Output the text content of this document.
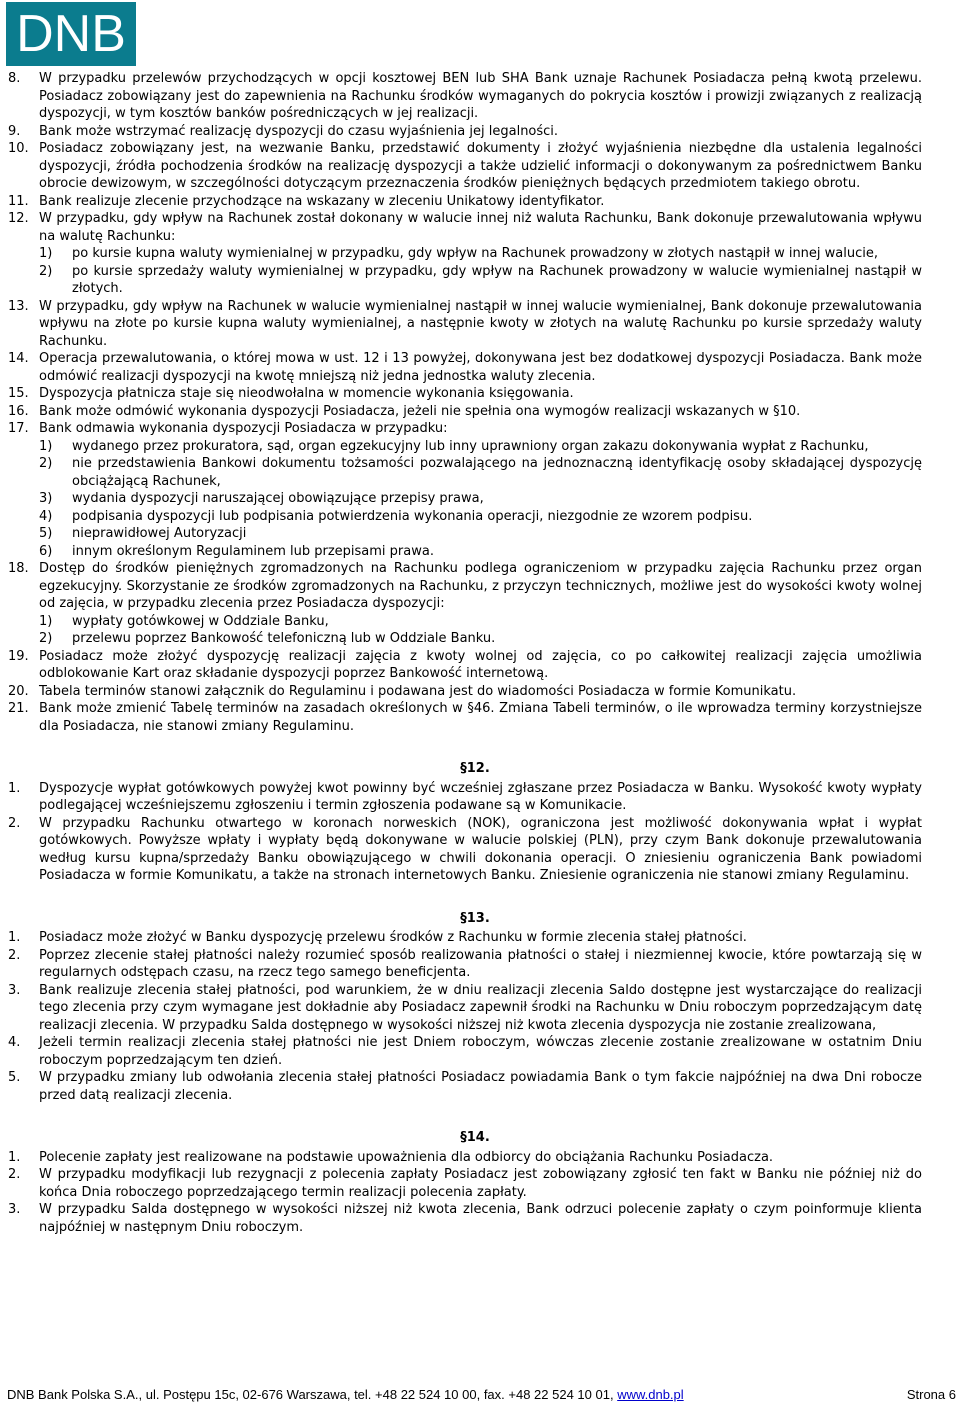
DNB
8. W przypadku przelewów przychodzących w opcji kosztowej BEN lub SHA Bank uznaje Rachunek Posiadacza pełną kwotą przelewu. Posiadacz zobowiązany jest do zapewnienia na Rachunku środków wymaganych do pokrycia kosztów i prowizji związanych z realizacją dyspozycji, w tym kosztów banków pośredniczących w jej realizacji.
9. Bank może wstrzymać realizację dyspozycji do czasu wyjaśnienia jej legalności.
10. Posiadacz zobowiązany jest, na wezwanie Banku, przedstawić dokumenty i złożyć wyjaśnienia niezbędne dla ustalenia legalności dyspozycji, źródła pochodzenia środków na realizację dyspozycji a także udzielić informacji o dokonywanym za pośrednictwem Banku obrocie dewizowym, w szczególności dotyczącym przeznaczenia środków pieniężnych będących przedmiotem takiego obrotu.
11. Bank realizuje zlecenie przychodzące na wskazany w zleceniu Unikatowy identyfikator.
12. W przypadku, gdy wpływ na Rachunek został dokonany w walucie innej niż waluta Rachunku, Bank dokonuje przewalutowania wpływu na walutę Rachunku:
1) po kursie kupna waluty wymienialnej w przypadku, gdy wpływ na Rachunek prowadzony w złotych nastąpił w innej walucie,
2) po kursie sprzedaży waluty wymienialnej w przypadku, gdy wpływ na Rachunek prowadzony w walucie wymienialnej nastąpił w złotych.
13. W przypadku, gdy wpływ na Rachunek w walucie wymienialnej nastąpił w innej walucie wymienialnej, Bank dokonuje przewalutowania wpływu na złote po kursie kupna waluty wymienialnej, a następnie kwoty w złotych na walutę Rachunku po kursie sprzedaży waluty Rachunku.
14. Operacja przewalutowania, o której mowa w ust. 12 i 13 powyżej, dokonywana jest bez dodatkowej dyspozycji Posiadacza. Bank może odmówić realizacji dyspozycji na kwotę mniejszą niż jedna jednostka waluty zlecenia.
15. Dyspozycja płatnicza staje się nieodwołalna w momencie wykonania księgowania.
16. Bank może odmówić wykonania dyspozycji Posiadacza, jeżeli nie spełnia ona wymogów realizacji wskazanych w §10.
17. Bank odmawia wykonania dyspozycji Posiadacza w przypadku:
1) wydanego przez prokuratora, sąd, organ egzekucyjny lub inny uprawniony organ zakazu dokonywania wypłat z Rachunku,
2) nie przedstawienia Bankowi dokumentu tożsamości pozwalającego na jednoznaczną identyfikację osoby składającej dyspozycję obciążającą Rachunek,
3) wydania dyspozycji naruszającej obowiązujące przepisy prawa,
4) podpisania dyspozycji lub podpisania potwierdzenia wykonania operacji, niezgodnie ze wzorem podpisu.
5) nieprawidłowej Autoryzacji
6) innym określonym Regulaminem lub przepisami prawa.
18. Dostęp do środków pieniężnych zgromadzonych na Rachunku podlega ograniczeniom w przypadku zajęcia Rachunku przez organ egzekucyjny. Skorzystanie ze środków zgromadzonych na Rachunku, z przyczyn technicznych, możliwe jest do wysokości kwoty wolnej od zajęcia, w przypadku zlecenia przez Posiadacza dyspozycji:
1) wypłaty gotówkowej w Oddziale Banku,
2) przelewu poprzez Bankowość telefoniczną lub w Oddziale Banku.
19. Posiadacz może złożyć dyspozycję realizacji zajęcia z kwoty wolnej od zajęcia, co po całkowitej realizacji zajęcia umożliwia odblokowanie Kart oraz składanie dyspozycji poprzez Bankowość internetową.
20. Tabela terminów stanowi załącznik do Regulaminu i podawana jest do wiadomości Posiadacza w formie Komunikatu.
21. Bank może zmienić Tabelę terminów na zasadach określonych w §46. Zmiana Tabeli terminów, o ile wprowadza terminy korzystniejsze dla Posiadacza, nie stanowi zmiany Regulaminu.
§12.
1. Dyspozycje wypłat gotówkowych powyżej kwot powinny być wcześniej zgłaszane przez Posiadacza w Banku. Wysokość kwoty wypłaty podlegającej wcześniejszemu zgłoszeniu i termin zgłoszenia podawane są w Komunikacie.
2. W przypadku Rachunku otwartego w koronach norweskich (NOK), ograniczona jest możliwość dokonywania wpłat i wypłat gotówkowych. Powyższe wpłaty i wypłaty będą dokonywane w walucie polskiej (PLN), przy czym Bank dokonuje przewalutowania według kursu kupna/sprzedaży Banku obowiązującego w chwili dokonania operacji. O zniesieniu ograniczenia Bank powiadomi Posiadacza w formie Komunikatu, a także na stronach internetowych Banku. Zniesienie ograniczenia nie stanowi zmiany Regulaminu.
§13.
1. Posiadacz może złożyć w Banku dyspozycję przelewu środków z Rachunku w formie zlecenia stałej płatności.
2. Poprzez zlecenie stałej płatności należy rozumieć sposób realizowania płatności o stałej i niezmiennej kwocie, które powtarzają się w regularnych odstępach czasu, na rzecz tego samego beneficjenta.
3. Bank realizuje zlecenia stałej płatności, pod warunkiem, że w dniu realizacji zlecenia Saldo dostępne jest wystarczające do realizacji tego zlecenia przy czym wymagane jest dokładnie aby Posiadacz zapewnił środki na Rachunku w Dniu roboczym poprzedzającym datę realizacji zlecenia. W przypadku Salda dostępnego w wysokości niższej niż kwota zlecenia dyspozycja nie zostanie zrealizowana,
4. Jeżeli termin realizacji zlecenia stałej płatności nie jest Dniem roboczym, wówczas zlecenie zostanie zrealizowane w ostatnim Dniu roboczym poprzedzającym ten dzień.
5. W przypadku zmiany lub odwołania zlecenia stałej płatności Posiadacz powiadamia Bank o tym fakcie najpóźniej na dwa Dni robocze przed datą realizacji zlecenia.
§14.
1. Polecenie zapłaty jest realizowane na podstawie upoważnienia dla odbiorcy do obciążania Rachunku Posiadacza.
2. W przypadku modyfikacji lub rezygnacji z polecenia zapłaty Posiadacz jest zobowiązany zgłosić ten fakt w Banku nie później niż do końca Dnia roboczego poprzedzającego termin realizacji polecenia zapłaty.
3. W przypadku Salda dostępnego w wysokości niższej niż kwota zlecenia, Bank odrzuci polecenie zapłaty o czym poinformuje klienta najpóźniej w następnym Dniu roboczym.
DNB Bank Polska S.A., ul. Postępu 15c, 02-676 Warszawa, tel. +48 22 524 10 00, fax. +48 22 524 10 01, www.dnb.pl	Strona 6
